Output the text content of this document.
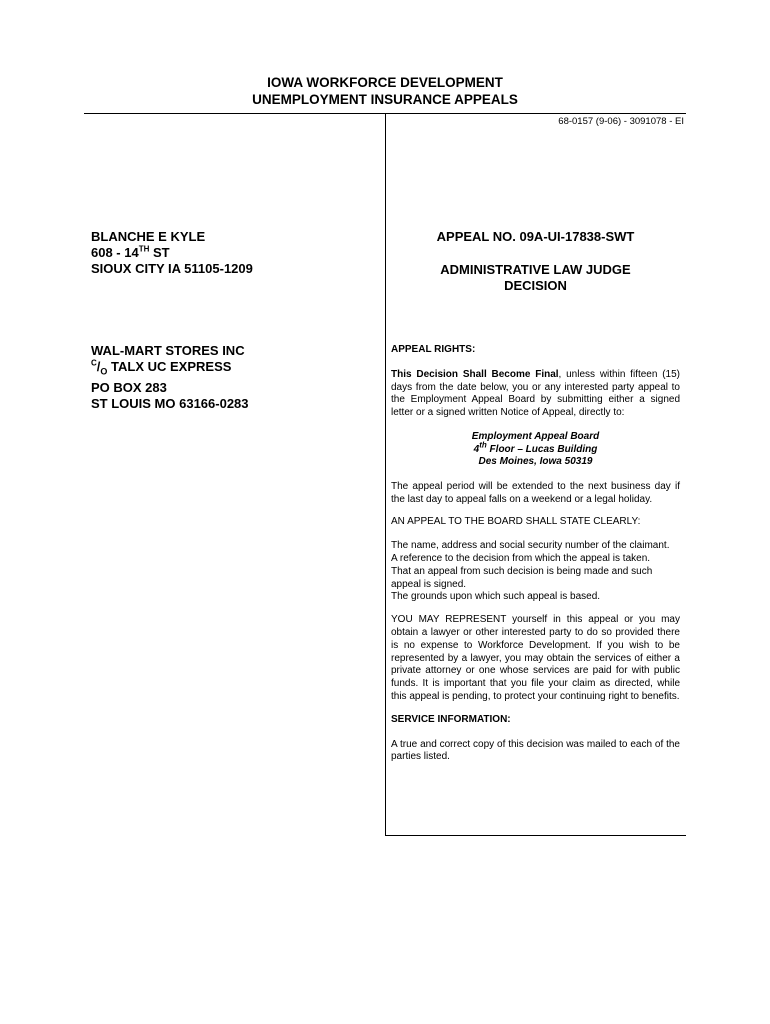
IOWA WORKFORCE DEVELOPMENT
UNEMPLOYMENT INSURANCE APPEALS
68-0157 (9-06) - 3091078 - EI
BLANCHE E KYLE
608 - 14TH ST
SIOUX CITY IA 51105-1209
WAL-MART STORES INC
$^C/_O$ TALX UC EXPRESS
PO BOX 283
ST LOUIS MO 63166-0283
APPEAL NO. 09A-UI-17838-SWT
ADMINISTRATIVE LAW JUDGE
DECISION
APPEAL RIGHTS:
This Decision Shall Become Final, unless within fifteen (15) days from the date below, you or any interested party appeal to the Employment Appeal Board by submitting either a signed letter or a signed written Notice of Appeal, directly to:
Employment Appeal Board
4th Floor – Lucas Building
Des Moines, Iowa 50319
The appeal period will be extended to the next business day if the last day to appeal falls on a weekend or a legal holiday.
AN APPEAL TO THE BOARD SHALL STATE CLEARLY:
The name, address and social security number of the claimant.
A reference to the decision from which the appeal is taken.
That an appeal from such decision is being made and such appeal is signed.
The grounds upon which such appeal is based.
YOU MAY REPRESENT yourself in this appeal or you may obtain a lawyer or other interested party to do so provided there is no expense to Workforce Development. If you wish to be represented by a lawyer, you may obtain the services of either a private attorney or one whose services are paid for with public funds. It is important that you file your claim as directed, while this appeal is pending, to protect your continuing right to benefits.
SERVICE INFORMATION:
A true and correct copy of this decision was mailed to each of the parties listed.
